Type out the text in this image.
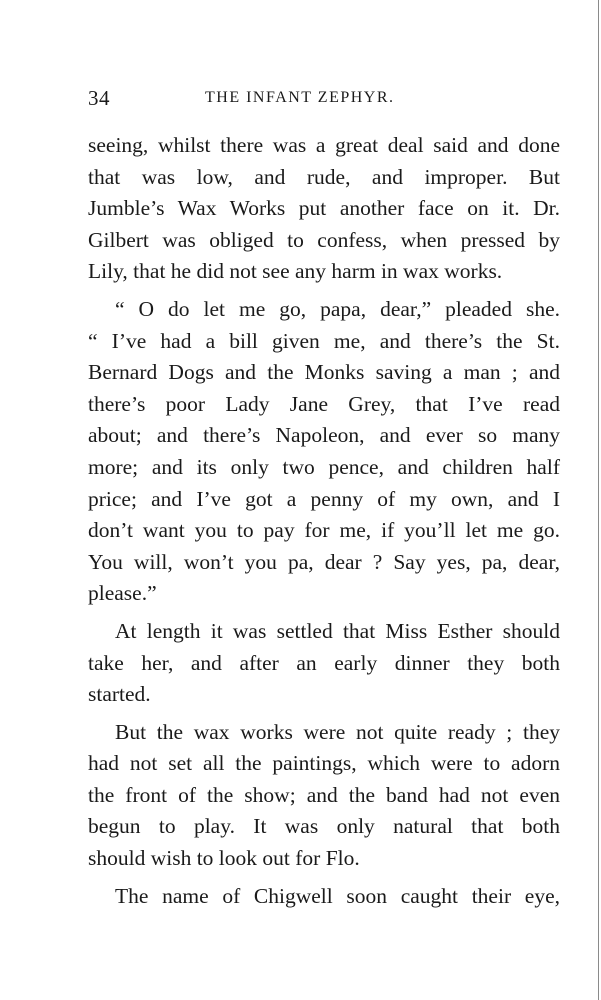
34	THE INFANT ZEPHYR.
seeing, whilst there was a great deal said and done
that was low, and rude, and improper. But
Jumble’s Wax Works put another face on it. Dr.
Gilbert was obliged to confess, when pressed by
Lily, that he did not see any harm in wax works.
“ O do let me go, papa, dear,” pleaded she.
“ I’ve had a bill given me, and there’s the St.
Bernard Dogs and the Monks saving a man ; and
there’s poor Lady Jane Grey, that I’ve read
about; and there’s Napoleon, and ever so many
more; and its only two pence, and children half
price; and I’ve got a penny of my own, and I
don’t want you to pay for me, if you’ll let me go.
You will, won’t you pa, dear ? Say yes, pa, dear,
please.”
At length it was settled that Miss Esther should
take her, and after an early dinner they both
started.
But the wax works were not quite ready ; they
had not set all the paintings, which were to adorn
the front of the show; and the band had not even
begun to play. It was only natural that both
should wish to look out for Flo.
The name of Chigwell soon caught their eye,
